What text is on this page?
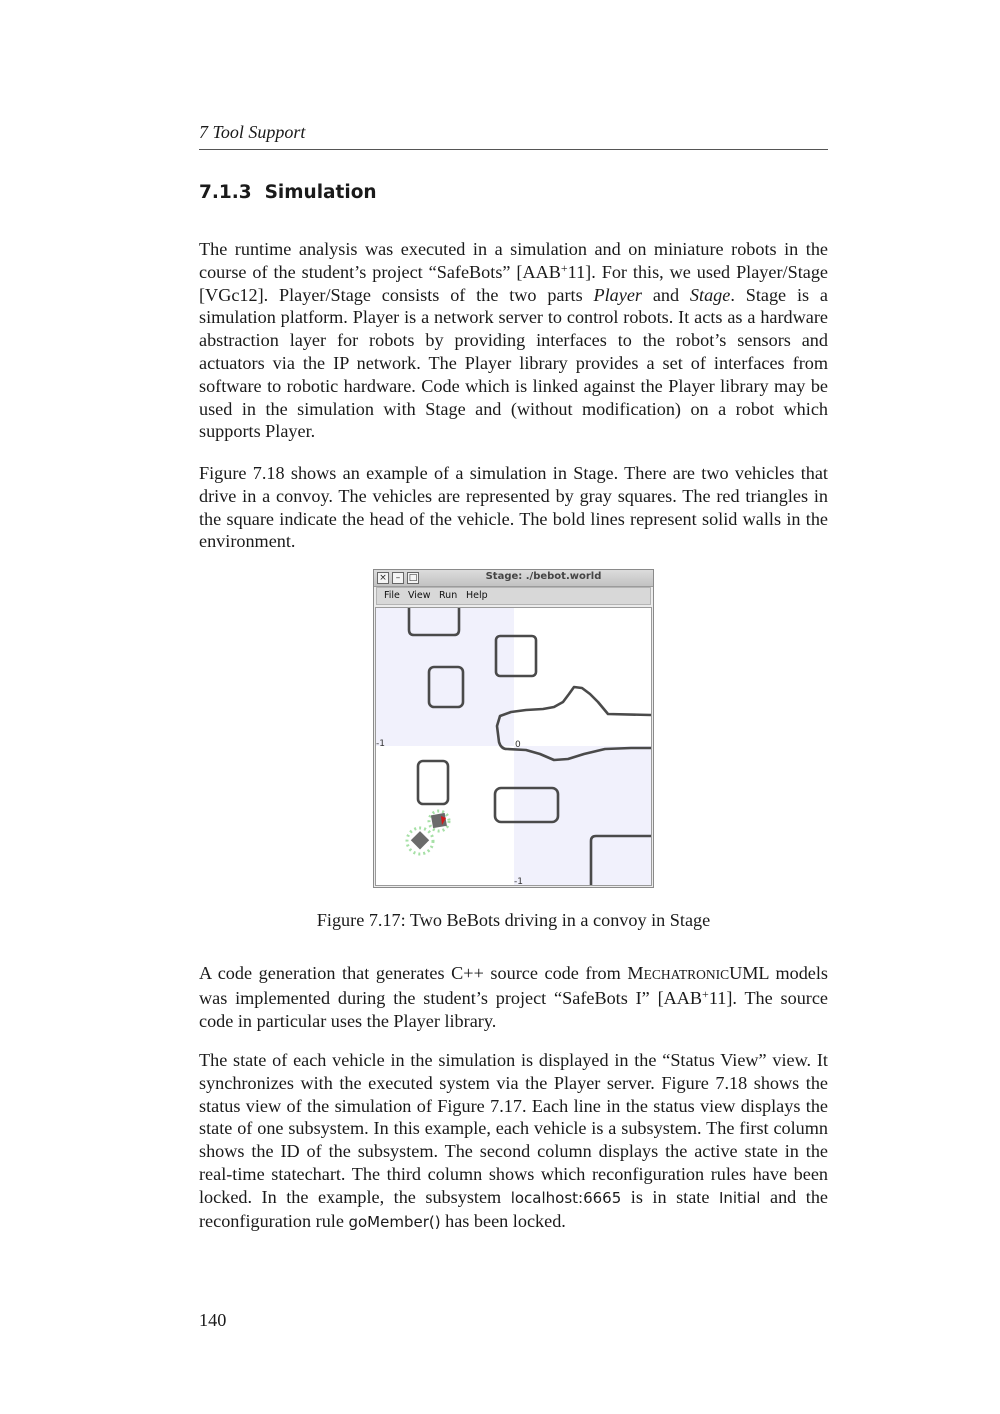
7 Tool Support
7.1.3 Simulation
The runtime analysis was executed in a simulation and on miniature robots in the course of the student’s project “SafeBots” [AAB+11]. For this, we used Player/Stage [VGc12]. Player/Stage consists of the two parts Player and Stage. Stage is a simulation platform. Player is a network server to control robots. It acts as a hardware abstraction layer for robots by providing interfaces to the robot’s sensors and actuators via the IP network. The Player library provides a set of interfaces from software to robotic hardware. Code which is linked against the Player library may be used in the simulation with Stage and (without modification) on a robot which supports Player.
Figure 7.18 shows an example of a simulation in Stage. There are two vehicles that drive in a convoy. The vehicles are represented by gray squares. The red triangles in the square indicate the head of the vehicle. The bold lines represent solid walls in the environment.
× – □	Stage: ./bebot.world
File View Run Help
-1	0
-1
Figure 7.17: Two BeBots driving in a convoy in Stage
A code generation that generates C++ source code from MECHATRONICUML models was implemented during the student’s project “SafeBots I” [AAB+11]. The source code in particular uses the Player library.
The state of each vehicle in the simulation is displayed in the “Status View” view. It synchronizes with the executed system via the Player server. Figure 7.18 shows the status view of the simulation of Figure 7.17. Each line in the status view displays the state of one subsystem. In this example, each vehicle is a subsystem. The first column shows the ID of the subsystem. The second column displays the active state in the real-time statechart. The third column shows which reconfiguration rules have been locked. In the example, the subsystem localhost:6665 is in state Initial and the reconfiguration rule goMember() has been locked.
140
